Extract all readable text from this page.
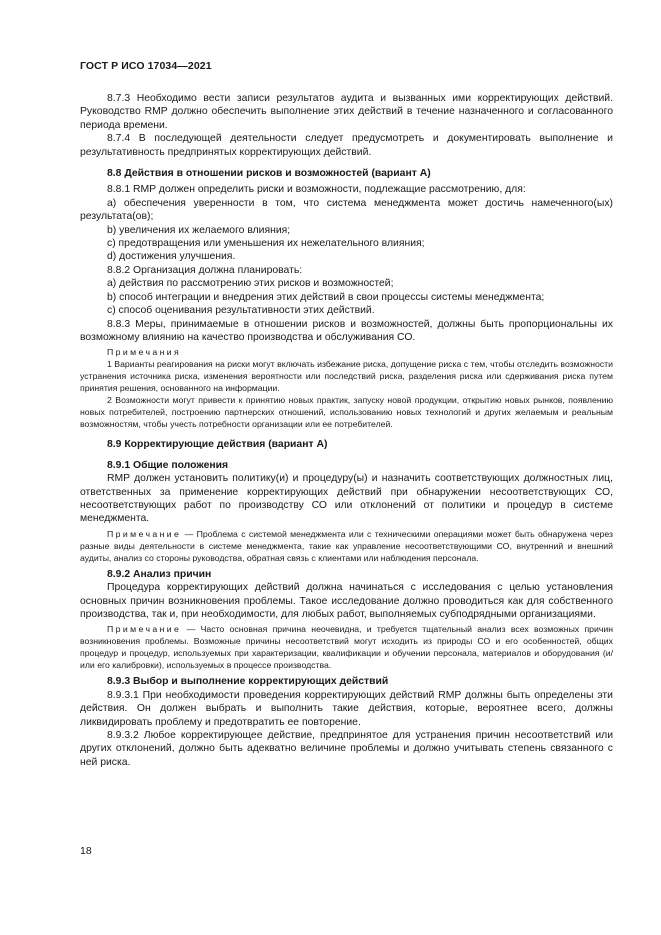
ГОСТ Р ИСО 17034—2021

8.7.3 Необходимо вести записи результатов аудита и вызванных ими корректирующих действий. Руководство RMP должно обеспечить выполнение этих действий в течение назначенного и согласованного периода времени.

8.7.4 В последующей деятельности следует предусмотреть и документировать выполнение и результативность предпринятых корректирующих действий.

8.8 Действия в отношении рисков и возможностей (вариант А)

8.8.1 RMP должен определить риски и возможности, подлежащие рассмотрению, для:

a) обеспечения уверенности в том, что система менеджмента может достичь намеченного(ых) результата(ов);

b) увеличения их желаемого влияния;

c) предотвращения или уменьшения их нежелательного влияния;

d) достижения улучшения.

8.8.2 Организация должна планировать:

a) действия по рассмотрению этих рисков и возможностей;

b) способ интеграции и внедрения этих действий в свои процессы системы менеджмента;

c) способ оценивания результативности этих действий.

8.8.3 Меры, принимаемые в отношении рисков и возможностей, должны быть пропорциональны их возможному влиянию на качество производства и обслуживания СО.

Примечания

1 Варианты реагирования на риски могут включать избежание риска, допущение риска с тем, чтобы отследить возможности устранения источника риска, изменения вероятности или последствий риска, разделения риска или сдерживания риска путем принятия решения, основанного на информации.

2 Возможности могут привести к принятию новых практик, запуску новой продукции, открытию новых рынков, появлению новых потребителей, построению партнерских отношений, использованию новых технологий и других желаемым и реальным возможностям, чтобы учесть потребности организации или ее потребителей.

8.9 Корректирующие действия (вариант А)

8.9.1 Общие положения

RMP должен установить политику(и) и процедуру(ы) и назначить соответствующих должностных лиц, ответственных за применение корректирующих действий при обнаружении несоответствующих СО, несоответствующих работ по производству СО или отклонений от политики и процедур в системе менеджмента.

Примечание — Проблема с системой менеджмента или с техническими операциями может быть обнаружена через разные виды деятельности в системе менеджмента, такие как управление несоответствующими СО, внутренний и внешний аудиты, анализ со стороны руководства, обратная связь с клиентами или наблюдения персонала.

8.9.2 Анализ причин

Процедура корректирующих действий должна начинаться с исследования с целью установления основных причин возникновения проблемы. Такое исследование должно проводиться как для собственного производства, так и, при необходимости, для любых работ, выполняемых субподрядными организациями.

Примечание — Часто основная причина неочевидна, и требуется тщательный анализ всех возможных причин возникновения проблемы. Возможные причины несоответствий могут исходить из природы СО и его особенностей, общих процедур и процедур, используемых при характеризации, квалификации и обучении персонала, материалов и оборудования (и/или его калибровки), используемых в процессе производства.

8.9.3 Выбор и выполнение корректирующих действий

8.9.3.1 При необходимости проведения корректирующих действий RMP должны быть определены эти действия. Он должен выбрать и выполнить такие действия, которые, вероятнее всего, должны ликвидировать проблему и предотвратить ее повторение.

8.9.3.2 Любое корректирующее действие, предпринятое для устранения причин несоответствий или других отклонений, должно быть адекватно величине проблемы и должно учитывать степень связанного с ней риска.

18
